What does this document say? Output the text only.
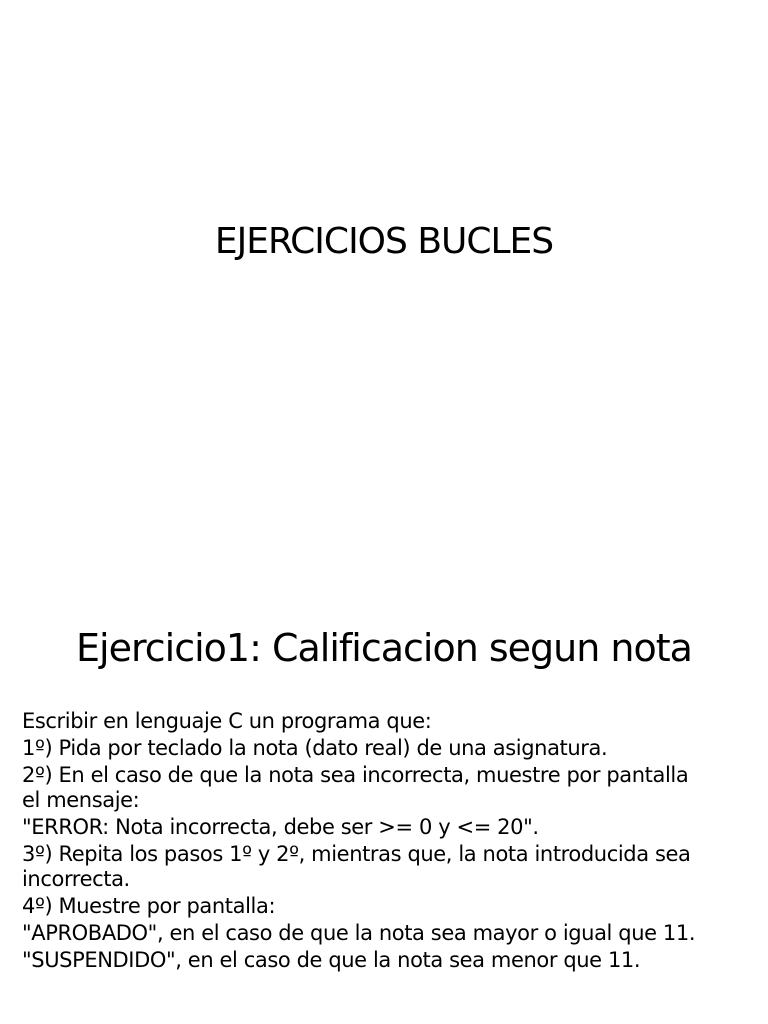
EJERCICIOS BUCLES
Ejercicio1: Calificacion segun nota

Escribir en lenguaje C un programa que:

1º) Pida por teclado la nota (dato real) de una asignatura.

2º) En el caso de que la nota sea incorrecta, muestre por pantalla el mensaje:

"ERROR: Nota incorrecta, debe ser >= 0 y <= 20".

3º) Repita los pasos 1º y 2º, mientras que, la nota introducida sea incorrecta.

4º) Muestre por pantalla:

"APROBADO", en el caso de que la nota sea mayor o igual que 11.

"SUSPENDIDO", en el caso de que la nota sea menor que 11.
